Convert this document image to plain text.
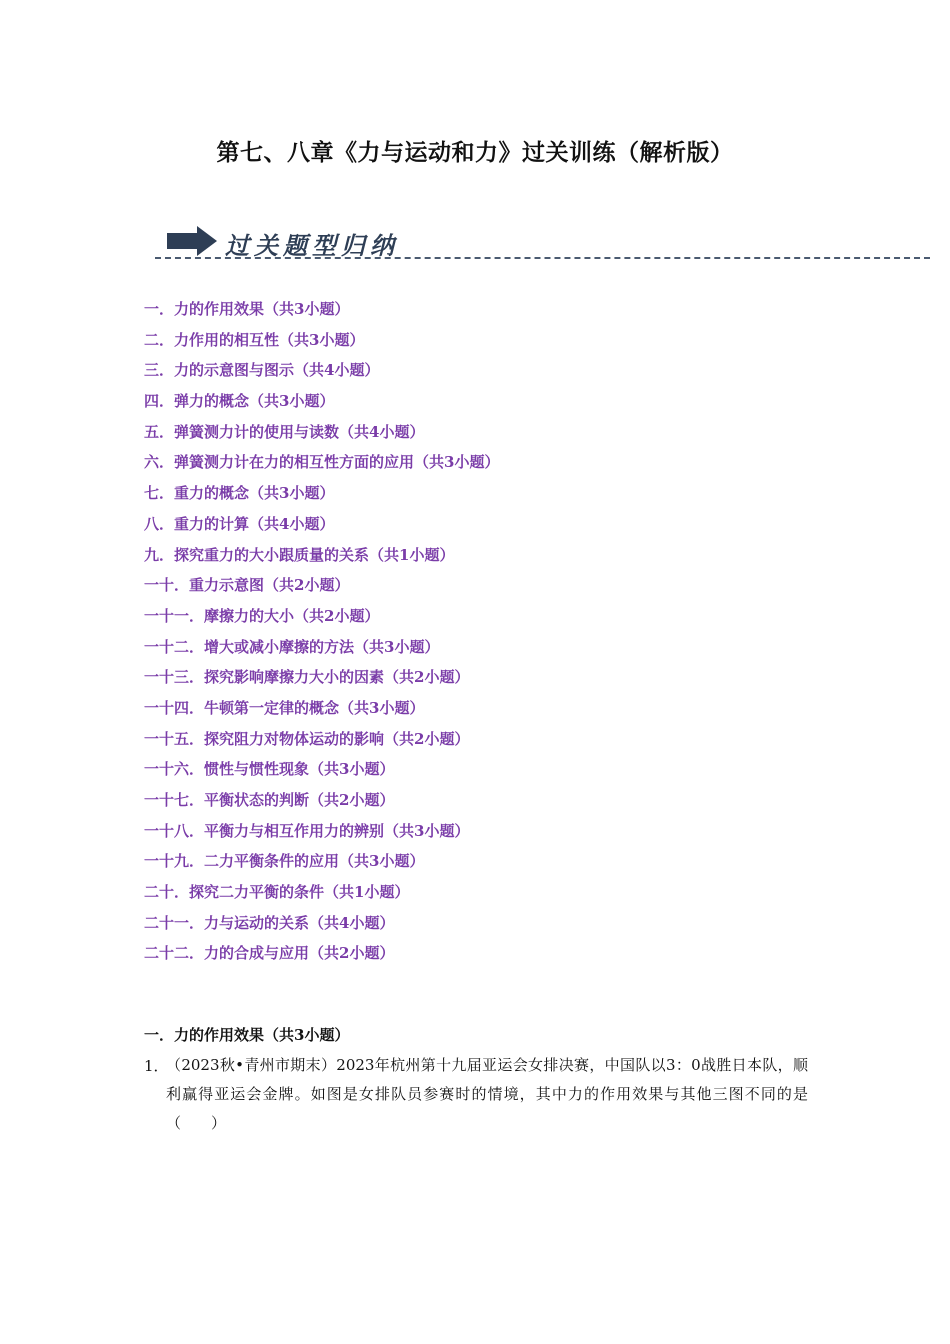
第七、八章《力与运动和力》过关训练（解析版）
过关题型归纳
一．力的作用效果（共3小题）
二．力作用的相互性（共3小题）
三．力的示意图与图示（共4小题）
四．弹力的概念（共3小题）
五．弹簧测力计的使用与读数（共4小题）
六．弹簧测力计在力的相互性方面的应用（共3小题）
七．重力的概念（共3小题）
八．重力的计算（共4小题）
九．探究重力的大小跟质量的关系（共1小题）
一十．重力示意图（共2小题）
一十一．摩擦力的大小（共2小题）
一十二．增大或减小摩擦的方法（共3小题）
一十三．探究影响摩擦力大小的因素（共2小题）
一十四．牛顿第一定律的概念（共3小题）
一十五．探究阻力对物体运动的影响（共2小题）
一十六．惯性与惯性现象（共3小题）
一十七．平衡状态的判断（共2小题）
一十八．平衡力与相互作用力的辨别（共3小题）
一十九．二力平衡条件的应用（共3小题）
二十．探究二力平衡的条件（共1小题）
二十一．力与运动的关系（共4小题）
二十二．力的合成与应用（共2小题）
一．力的作用效果（共3小题）
1．
（2023秋•青州市期末）2023年杭州第十九届亚运会女排决赛，中国队以3：0战胜日本队，顺利赢得亚运会金牌。如图是女排队员参赛时的情境，其中力的作用效果与其他三图不同的是（　　）
